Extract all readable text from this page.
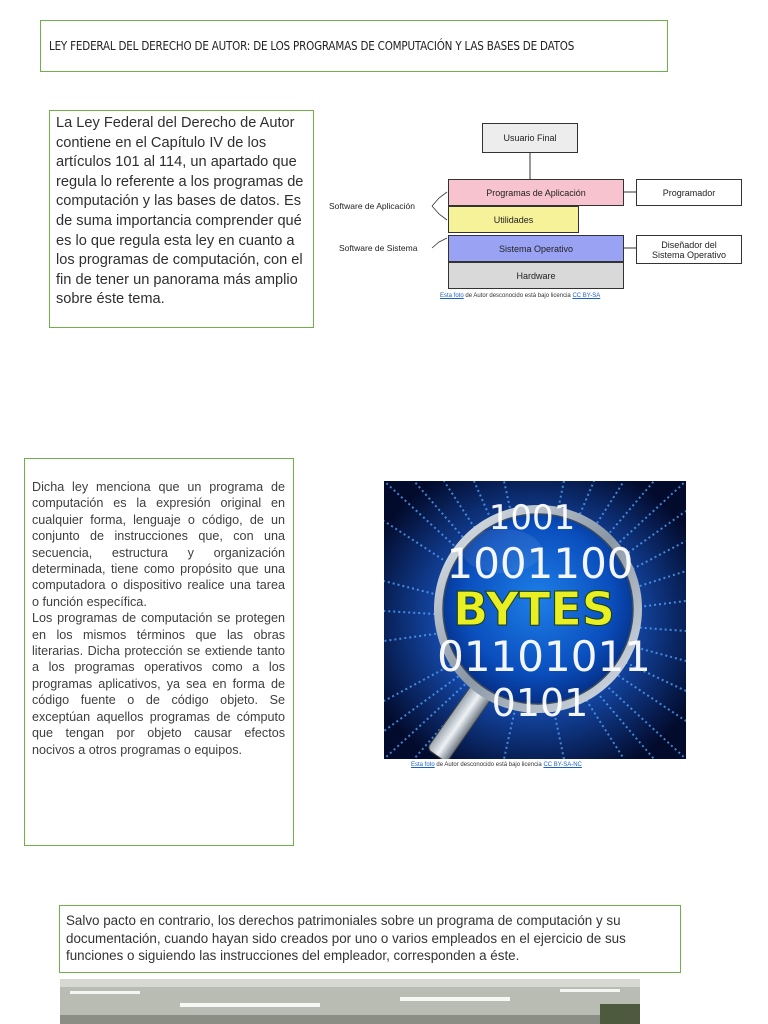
LEY FEDERAL DEL DERECHO DE AUTOR: DE LOS PROGRAMAS DE COMPUTACIÓN Y LAS BASES DE DATOS
La Ley Federal del Derecho de Autor contiene en el Capítulo IV de los artículos 101 al 114, un apartado que regula lo referente a los programas de computación y las bases de datos. Es de suma importancia comprender qué es lo que regula esta ley en cuanto a los programas de computación, con el fin de tener un panorama más amplio sobre éste tema.
Usuario Final
Programas de Aplicación
Utilidades
Sistema Operativo
Hardware
Programador
Diseñador del
Sistema Operativo
Software de Aplicación
Software de Sistema
Esta foto de Autor desconocido está bajo licencia CC BY-SA

Dicha ley menciona que un programa de computación es la expresión original en cualquier forma, lenguaje o código, de un conjunto de instrucciones que, con una secuencia, estructura y organización determinada, tiene como propósito que una computadora o dispositivo realice una tarea o función específica.

Los programas de computación se protegen en los mismos términos que las obras literarias. Dicha protección se extiende tanto a los programas operativos como a los programas aplicativos, ya sea en forma de código fuente o de código objeto. Se exceptúan aquellos programas de cómputo que tengan por objeto causar efectos nocivos a otros programas o equipos.

1001
1001100
01101011
0101
BYTES
Esta foto de Autor desconocido está bajo licencia CC BY-SA-NC
Salvo pacto en contrario, los derechos patrimoniales sobre un programa de computación y su documentación, cuando hayan sido creados por uno o varios empleados en el ejercicio de sus funciones o siguiendo las instrucciones del empleador, corresponden a éste.
